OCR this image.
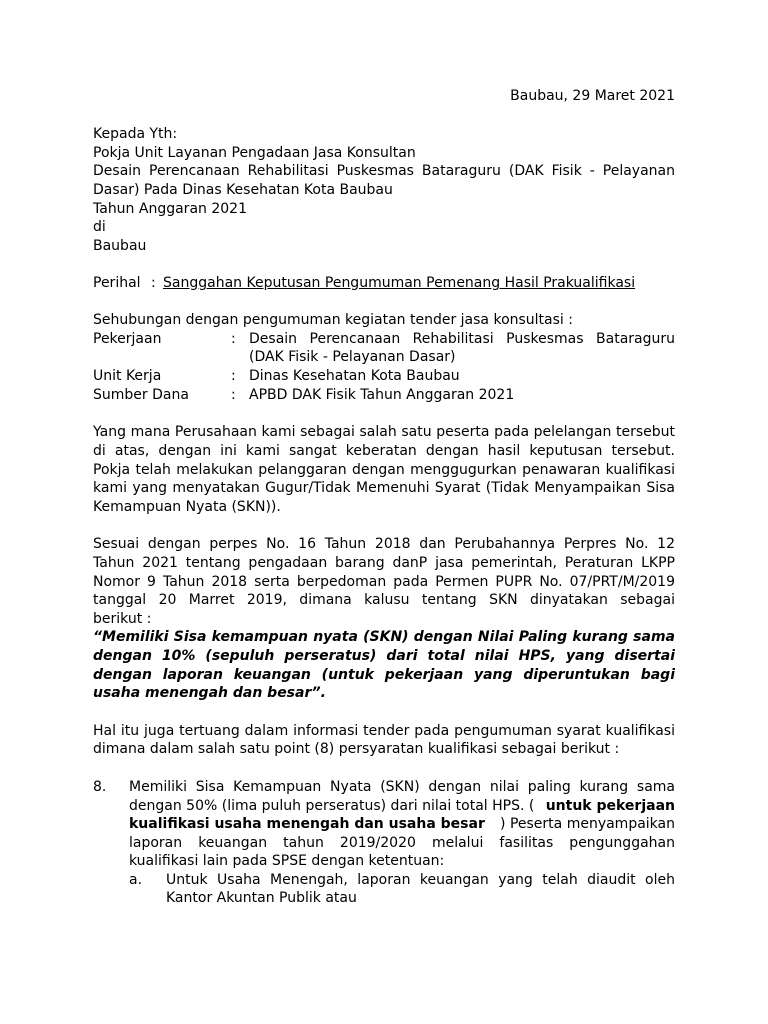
Baubau, 29 Maret 2021
Kepada Yth:
Pokja Unit Layanan Pengadaan Jasa Konsultan
Desain Perencanaan Rehabilitasi Puskesmas Bataraguru (DAK Fisik - Pelayanan
Dasar) Pada Dinas Kesehatan Kota Baubau
Tahun Anggaran 2021
di
Baubau
Perihal : Sanggahan Keputusan Pengumuman Pemenang Hasil Prakualifikasi
Sehubungan dengan pengumuman kegiatan tender jasa konsultasi :
Pekerjaan	: Desain Perencanaan Rehabilitasi Puskesmas Bataraguru
(DAK Fisik - Pelayanan Dasar)
Unit Kerja	: Dinas Kesehatan Kota Baubau
Sumber Dana	: APBD DAK Fisik Tahun Anggaran 2021
Yang mana Perusahaan kami sebagai salah satu peserta pada pelelangan tersebut
di atas, dengan ini kami sangat keberatan dengan hasil keputusan tersebut.
Pokja telah melakukan pelanggaran dengan menggugurkan penawaran kualifikasi
kami yang menyatakan Gugur/Tidak Memenuhi Syarat (Tidak Menyampaikan Sisa
Kemampuan Nyata (SKN)).
Sesuai dengan perpes No. 16 Tahun 2018 dan Perubahannya Perpres No. 12
Tahun 2021 tentang pengadaan barang danP jasa pemerintah, Peraturan LKPP
Nomor 9 Tahun 2018 serta berpedoman pada Permen PUPR No. 07/PRT/M/2019
tanggal 20 Marret 2019, dimana kalusu tentang SKN dinyatakan sebagai
berikut :
“Memiliki Sisa kemampuan nyata (SKN) dengan Nilai Paling kurang sama
dengan 10% (sepuluh perseratus) dari total nilai HPS, yang disertai
dengan laporan keuangan (untuk pekerjaan yang diperuntukan bagi
usaha menengah dan besar”.
Hal itu juga tertuang dalam informasi tender pada pengumuman syarat kualifikasi
dimana dalam salah satu point (8) persyaratan kualifikasi sebagai berikut :
8. Memiliki Sisa Kemampuan Nyata (SKN) dengan nilai paling kurang sama
dengan 50% (lima puluh perseratus) dari nilai total HPS. ( untuk pekerjaan
kualifikasi usaha menengah dan usaha besar ) Peserta menyampaikan
laporan keuangan tahun 2019/2020 melalui fasilitas pengunggahan
kualifikasi lain pada SPSE dengan ketentuan:
a. Untuk Usaha Menengah, laporan keuangan yang telah diaudit oleh
Kantor Akuntan Publik atau
